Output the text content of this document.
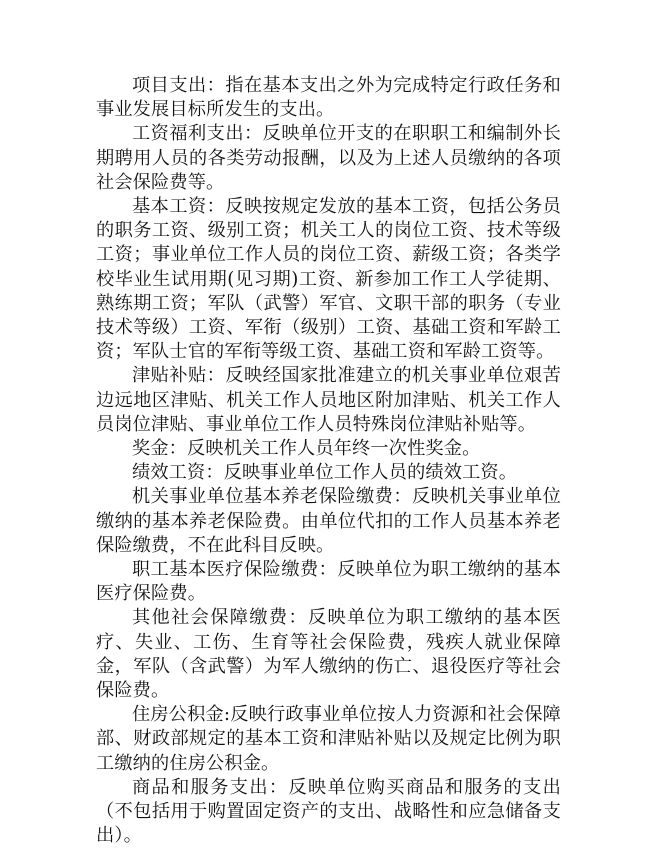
项目支出：指在基本支出之外为完成特定行政任务和事业发展目标所发生的支出。

工资福利支出：反映单位开支的在职职工和编制外长期聘用人员的各类劳动报酬，以及为上述人员缴纳的各项社会保险费等。

基本工资：反映按规定发放的基本工资，包括公务员的职务工资、级别工资；机关工人的岗位工资、技术等级工资；事业单位工作人员的岗位工资、薪级工资；各类学校毕业生试用期(见习期)工资、新参加工作工人学徒期、熟练期工资；军队（武警）军官、文职干部的职务（专业技术等级）工资、军衔（级别）工资、基础工资和军龄工资；军队士官的军衔等级工资、基础工资和军龄工资等。

津贴补贴：反映经国家批准建立的机关事业单位艰苦边远地区津贴、机关工作人员地区附加津贴、机关工作人员岗位津贴、事业单位工作人员特殊岗位津贴补贴等。

奖金：反映机关工作人员年终一次性奖金。

绩效工资：反映事业单位工作人员的绩效工资。

机关事业单位基本养老保险缴费：反映机关事业单位缴纳的基本养老保险费。由单位代扣的工作人员基本养老保险缴费，不在此科目反映。

职工基本医疗保险缴费：反映单位为职工缴纳的基本医疗保险费。

其他社会保障缴费：反映单位为职工缴纳的基本医疗、失业、工伤、生育等社会保险费，残疾人就业保障金，军队（含武警）为军人缴纳的伤亡、退役医疗等社会保险费。

住房公积金:反映行政事业单位按人力资源和社会保障部、财政部规定的基本工资和津贴补贴以及规定比例为职工缴纳的住房公积金。

商品和服务支出：反映单位购买商品和服务的支出（不包括用于购置固定资产的支出、战略性和应急储备支出）。
